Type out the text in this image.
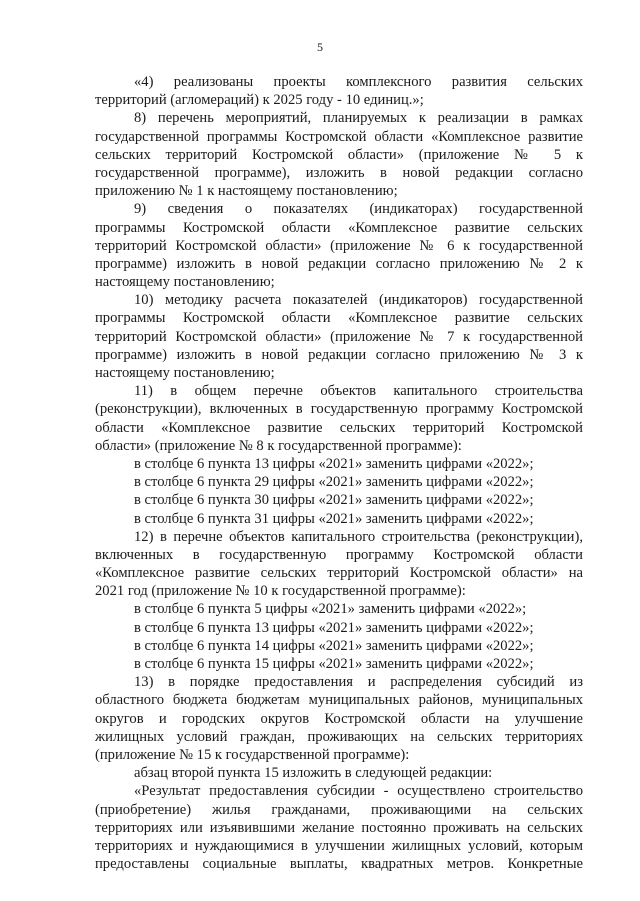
5
«4) реализованы проекты комплексного развития сельских
территорий (агломераций) к 2025 году - 10 единиц.»;
8) перечень мероприятий, планируемых к реализации в рамках
государственной программы Костромской области «Комплексное развитие
сельских территорий Костромской области» (приложение № 5 к
государственной программе), изложить в новой редакции согласно
приложению № 1 к настоящему постановлению;
9) сведения о показателях (индикаторах) государственной
программы Костромской области «Комплексное развитие сельских
территорий Костромской области» (приложение № 6 к государственной
программе) изложить в новой редакции согласно приложению № 2 к
настоящему постановлению;
10) методику расчета показателей (индикаторов) государственной
программы Костромской области «Комплексное развитие сельских
территорий Костромской области» (приложение № 7 к государственной
программе) изложить в новой редакции согласно приложению № 3 к
настоящему постановлению;
11) в общем перечне объектов капитального строительства
(реконструкции), включенных в государственную программу Костромской
области «Комплексное развитие сельских территорий Костромской
области» (приложение № 8 к государственной программе):
в столбце 6 пункта 13 цифры «2021» заменить цифрами «2022»;
в столбце 6 пункта 29 цифры «2021» заменить цифрами «2022»;
в столбце 6 пункта 30 цифры «2021» заменить цифрами «2022»;
в столбце 6 пункта 31 цифры «2021» заменить цифрами «2022»;
12) в перечне объектов капитального строительства (реконструкции),
включенных в государственную программу Костромской области
«Комплексное развитие сельских территорий Костромской области» на
2021 год (приложение № 10 к государственной программе):
в столбце 6 пункта 5 цифры «2021» заменить цифрами «2022»;
в столбце 6 пункта 13 цифры «2021» заменить цифрами «2022»;
в столбце 6 пункта 14 цифры «2021» заменить цифрами «2022»;
в столбце 6 пункта 15 цифры «2021» заменить цифрами «2022»;
13) в порядке предоставления и распределения субсидий из
областного бюджета бюджетам муниципальных районов, муниципальных
округов и городских округов Костромской области на улучшение
жилищных условий граждан, проживающих на сельских территориях
(приложение № 15 к государственной программе):
абзац второй пункта 15 изложить в следующей редакции:
«Результат предоставления субсидии - осуществлено строительство
(приобретение) жилья гражданами, проживающими на сельских
территориях или изъявившими желание постоянно проживать на сельских
территориях и нуждающимися в улучшении жилищных условий, которым
предоставлены социальные выплаты, квадратных метров. Конкретные
